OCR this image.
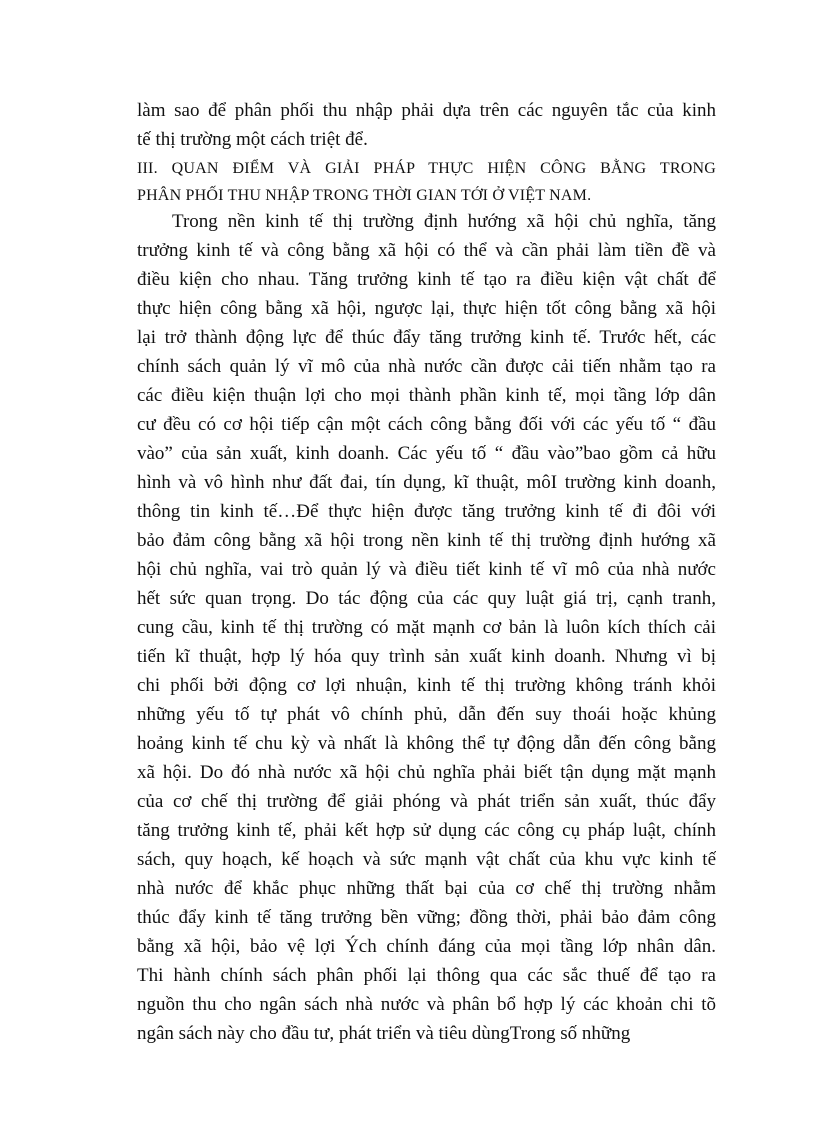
làm sao để phân phối thu nhập phải dựa trên các nguyên tắc của kinh
tế thị trường một cách triệt để.
III. QUAN ĐIỂM VÀ GIẢI PHÁP THỰC HIỆN CÔNG BẰNG TRONG
PHÂN PHỐI THU NHẬP TRONG THỜI GIAN TỚI Ở VIỆT NAM.
Trong nền kinh tế thị trường định hướng xã hội chủ nghĩa, tăng
trưởng kinh tế và công bằng xã hội có thể và cần phải làm tiền đề và
điều kiện cho nhau. Tăng trưởng kinh tế tạo ra điều kiện vật chất để
thực hiện công bằng xã hội, ngược lại, thực hiện tốt công bằng xã hội
lại trở thành động lực để thúc đẩy tăng trưởng kinh tế. Trước hết, các
chính sách quản lý vĩ mô của nhà nước cần được cải tiến nhằm tạo ra
các điều kiện thuận lợi cho mọi thành phần kinh tế, mọi tầng lớp dân
cư đều có cơ hội tiếp cận một cách công bằng đối với các yếu tố “ đầu
vào” của sản xuất, kinh doanh. Các yếu tố “ đầu vào”bao gồm cả hữu
hình và vô hình như đất đai, tín dụng, kĩ thuật, môI trường kinh doanh,
thông tin kinh tế…Để thực hiện được tăng trưởng kinh tế đi đôi với
bảo đảm công bằng xã hội trong nền kinh tế thị trường định hướng xã
hội chủ nghĩa, vai trò quản lý và điều tiết kinh tế vĩ mô của nhà nước
hết sức quan trọng. Do tác động của các quy luật giá trị, cạnh tranh,
cung cầu, kinh tế thị trường có mặt mạnh cơ bản là luôn kích thích cải
tiến kĩ thuật, hợp lý hóa quy trình sản xuất kinh doanh. Nhưng vì bị
chi phối bởi động cơ lợi nhuận, kinh tế thị trường không tránh khỏi
những yếu tố tự phát vô chính phủ, dẫn đến suy thoái hoặc khủng
hoảng kinh tế chu kỳ và nhất là không thể tự động dẫn đến công bằng
xã hội. Do đó nhà nước xã hội chủ nghĩa phải biết tận dụng mặt mạnh
của cơ chế thị trường để giải phóng và phát triển sản xuất, thúc đẩy
tăng trưởng kinh tế, phải kết hợp sử dụng các công cụ pháp luật, chính
sách, quy hoạch, kế hoạch và sức mạnh vật chất của khu vực kinh tế
nhà nước để khắc phục những thất bại của cơ chế thị trường nhằm
thúc đẩy kinh tế tăng trưởng bền vững; đồng thời, phải bảo đảm công
bằng xã hội, bảo vệ lợi Ých chính đáng của mọi tầng lớp nhân dân.
Thi hành chính sách phân phối lại thông qua các sắc thuế để tạo ra
nguồn thu cho ngân sách nhà nước và phân bổ hợp lý các khoản chi tõ
ngân sách này cho đầu tư, phát triển và tiêu dùngTrong số những
